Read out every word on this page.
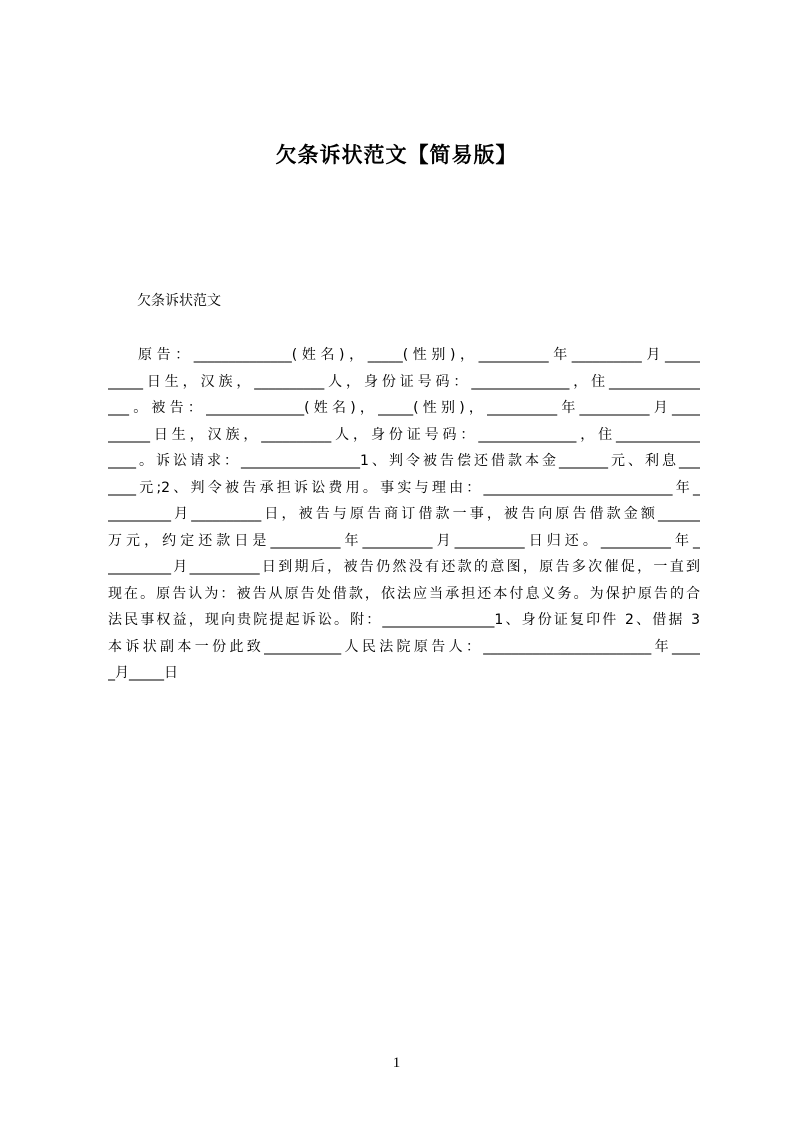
欠条诉状范文【简易版】
欠条诉状范文
原告：______________(姓名)，_____(性别)，__________年__________月_____
_____日生，汉族，__________人，身份证号码：______________，住_____________
___。被告：______________(姓名)，_____(性别)，__________年__________月____
______日生，汉族，__________人，身份证号码：______________，住____________
____。诉讼请求：_________________1、判令被告偿还借款本金_______元、利息___
____元;2、判令被告承担诉讼费用。事实与理由：___________________________年_
_________月__________日，被告与原告商订借款一事，被告向原告借款金额______
万元，约定还款日是__________年__________月__________日归还。__________年_
_________月__________日到期后，被告仍然没有还款的意图，原告多次催促，一直到
现在。原告认为：被告从原告处借款，依法应当承担还本付息义务。为保护原告的合
法民事权益，现向贵院提起诉讼。附：________________1、身份证复印件 2、借据 3
本诉状副本一份此致___________人民法院原告人：________________________年____
_月_____日
1
